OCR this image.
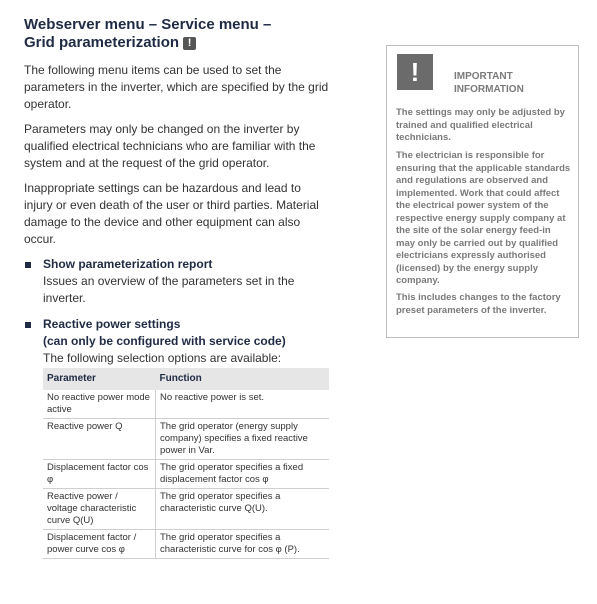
Webserver menu – Service menu –
Grid parameterization !

The following menu items can be used to set the parameters in the inverter, which are specified by the grid operator.

Parameters may only be changed on the inverter by qualified electrical technicians who are familiar with the system and at the request of the grid operator.

Inappropriate settings can be hazardous and lead to injury or even death of the user or third parties. Material damage to the device and other equipment can also occur.

Show parameterization report
Issues an overview of the parameters set in the inverter.
Reactive power settings
(can only be configured with service code)
The following selection options are available:
Parameter	Function
No reactive power mode active	No reactive power is set.
Reactive power Q	The grid operator (energy supply company) specifies a fixed reactive power in Var.
Displacement factor cos φ	The grid operator specifies a fixed displacement factor cos φ
Reactive power / voltage characteristic curve Q(U)	The grid operator specifies a characteristic curve Q(U).
Displacement factor / power curve cos φ	The grid operator specifies a characteristic curve for cos φ (P).
!	IMPORTANT
INFORMATION

The settings may only be adjusted by trained and qualified electrical technicians.

The electrician is responsible for ensuring that the applicable standards and regulations are observed and implemented. Work that could affect the electrical power system of the respective energy supply company at the site of the solar energy feed-in may only be carried out by qualified electricians expressly authorised (licensed) by the energy supply company.

This includes changes to the factory preset parameters of the inverter.
